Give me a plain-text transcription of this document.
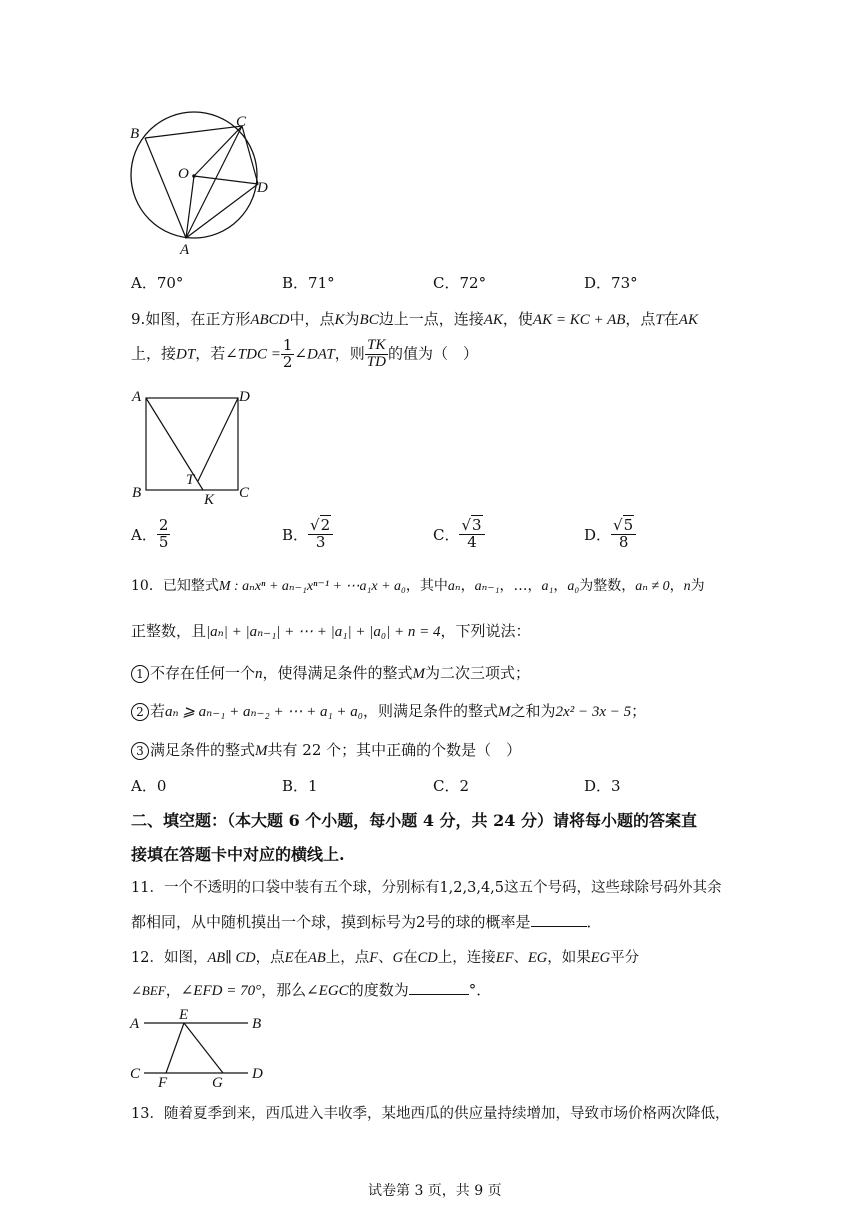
B
C
O
D
A
A．70°	B．71°	C．72°	D．73°
9.如图，在正方形ABCD中，点K为BC边上一点，连接AK，使AK = KC + AB，点T在AK
上，接DT，若∠TDC = $\frac{1}{2}$ ∠DAT，则 $\frac{TK}{TD}$ 的值为（　）
A	D
B	C
T
K
A． $\frac{2}{5}$	B． $\frac{√2}{3}$	C． $\frac{√3}{4}$	D． $\frac{√5}{8}$
10．已知整式M : aₙxⁿ + aₙ₋₁xⁿ⁻¹ + ⋯a₁x + a₀，其中aₙ，aₙ₋₁，…，a₁，a₀为整数，aₙ ≠ 0，n为
正整数，且|aₙ| + |aₙ₋₁| + ⋯ + |a₁| + |a₀| + n = 4，下列说法：
1 不存在任何一个n，使得满足条件的整式M为二次三项式；
2 若aₙ ⩾ aₙ₋₁ + aₙ₋₂ + ⋯ + a₁ + a₀，则满足条件的整式M之和为2x² − 3x − 5；
3 满足条件的整式M共有 22 个；其中正确的个数是（　）
A．0	B．1	C．2	D．3
二、填空题：（本大题 6 个小题，每小题 4 分，共 24 分）请将每小题的答案直
接填在答题卡中对应的横线上.
11．一个不透明的口袋中装有五个球，分别标有1,2,3,4,5这五个号码，这些球除号码外其余
都相同，从中随机摸出一个球，摸到标号为2号的球的概率是	．
12．如图，AB∥ CD，点E在AB上，点F、G在CD上，连接EF、EG，如果EG平分
∠BEF，∠EFD = 70°，那么∠EGC的度数为	°．
A
E
B
C
F	G
D
13．随着夏季到来，西瓜进入丰收季，某地西瓜的供应量持续增加，导致市场价格两次降低，
试卷第 3 页，共 9 页
